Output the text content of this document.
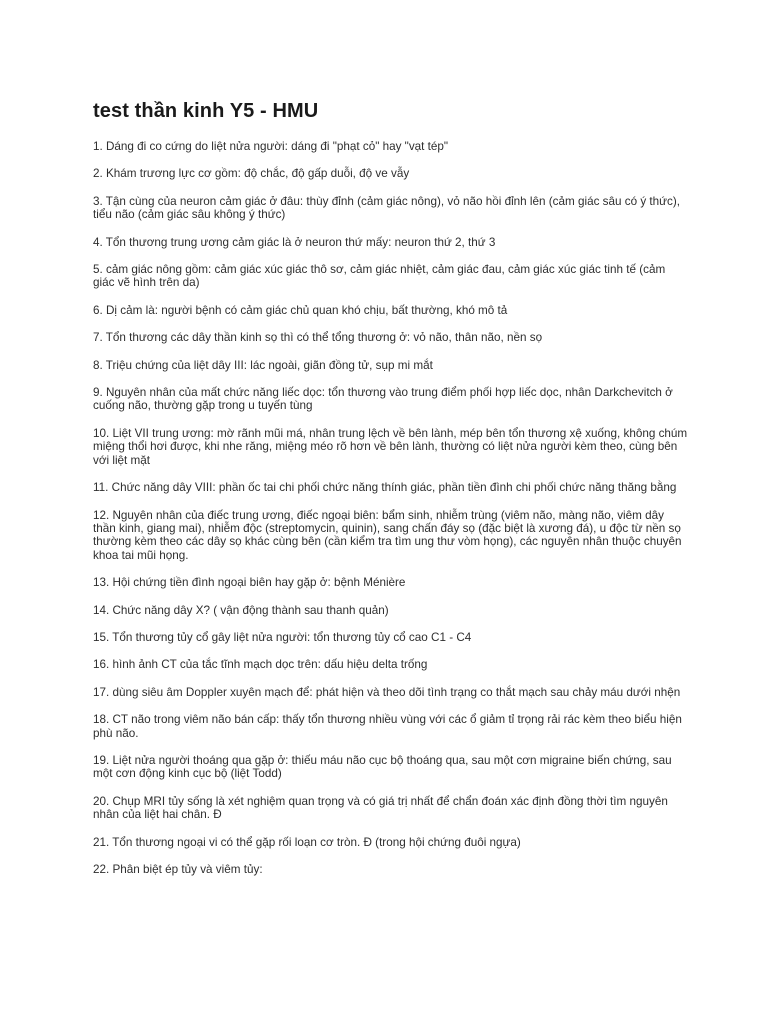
test thần kinh Y5 - HMU
1. Dáng đi co cứng do liệt nửa người: dáng đi "phạt cỏ" hay "vạt tép"
2. Khám trương lực cơ gồm: độ chắc, độ gấp duỗi, độ ve vẫy
3. Tận cùng của neuron cảm giác ở đâu: thùy đỉnh (cảm giác nông), vỏ não hồi đỉnh lên (cảm giác sâu có ý thức), tiểu não (cảm giác sâu không ý thức)
4. Tổn thương trung ương cảm giác là ở neuron thứ mấy: neuron thứ 2, thứ 3
5. cảm giác nông gồm: cảm giác xúc giác thô sơ, cảm giác nhiệt, cảm giác đau, cảm giác xúc giác tinh tế (cảm giác vẽ hình trên da)
6. Dị cảm là: người bệnh có cảm giác chủ quan khó chịu, bất thường, khó mô tả
7. Tổn thương các dây thần kinh sọ thì có thể tổng thương ở: vỏ não, thân não, nền sọ
8. Triệu chứng của liệt dây III: lác ngoài, giãn đồng tử, sụp mi mắt
9. Nguyên nhân của mất chức năng liếc dọc: tổn thương vào trung điểm phối hợp liếc dọc, nhân Darkchevitch ở cuống não, thường gặp trong u tuyến tùng
10. Liệt VII trung ương: mờ rãnh mũi má, nhân trung lệch về bên lành, mép bên tổn thương xệ xuống, không chúm miệng thổi hơi được, khi nhe răng, miệng méo rõ hơn về bên lành, thường có liệt nửa người kèm theo, cùng bên với liệt mặt
11. Chức năng dây VIII: phần ốc tai chi phối chức năng thính giác, phần tiền đình chi phối chức năng thăng bằng
12. Nguyên nhân của điếc trung ương, điếc ngoại biên: bẩm sinh, nhiễm trùng (viêm não, màng não, viêm dây thần kinh, giang mai), nhiễm độc (streptomycin, quinin), sang chấn đáy sọ (đặc biệt là xương đá), u độc từ nền sọ thường kèm theo các dây sọ khác cùng bên (cần kiểm tra tìm ung thư vòm họng), các nguyên nhân thuộc chuyên khoa tai mũi họng.
13. Hội chứng tiền đình ngoại biên hay gặp ở: bệnh Ménière
14. Chức năng dây X? ( vận động thành sau thanh quản)
15. Tổn thương tủy cổ gây liệt nửa người: tổn thương tủy cổ cao C1 - C4
16. hình ảnh CT của tắc tĩnh mạch dọc trên: dấu hiệu delta trống
17. dùng siêu âm Doppler xuyên mạch để: phát hiện và theo dõi tình trạng co thắt mạch sau chảy máu dưới nhện
18. CT não trong viêm não bán cấp: thấy tổn thương nhiều vùng với các ổ giảm tỉ trọng rải rác kèm theo biểu hiện phù não.
19. Liệt nửa người thoáng qua gặp ở: thiếu máu não cục bộ thoáng qua, sau một cơn migraine biến chứng, sau một cơn động kinh cục bộ (liệt Todd)
20. Chụp MRI tủy sống là xét nghiệm quan trọng và có giá trị nhất để chẩn đoán xác định đồng thời tìm nguyên nhân của liệt hai chân. Đ
21. Tổn thương ngoại vi có thể gặp rối loạn cơ tròn. Đ (trong hội chứng đuôi ngựa)
22. Phân biệt ép tủy và viêm tủy:
